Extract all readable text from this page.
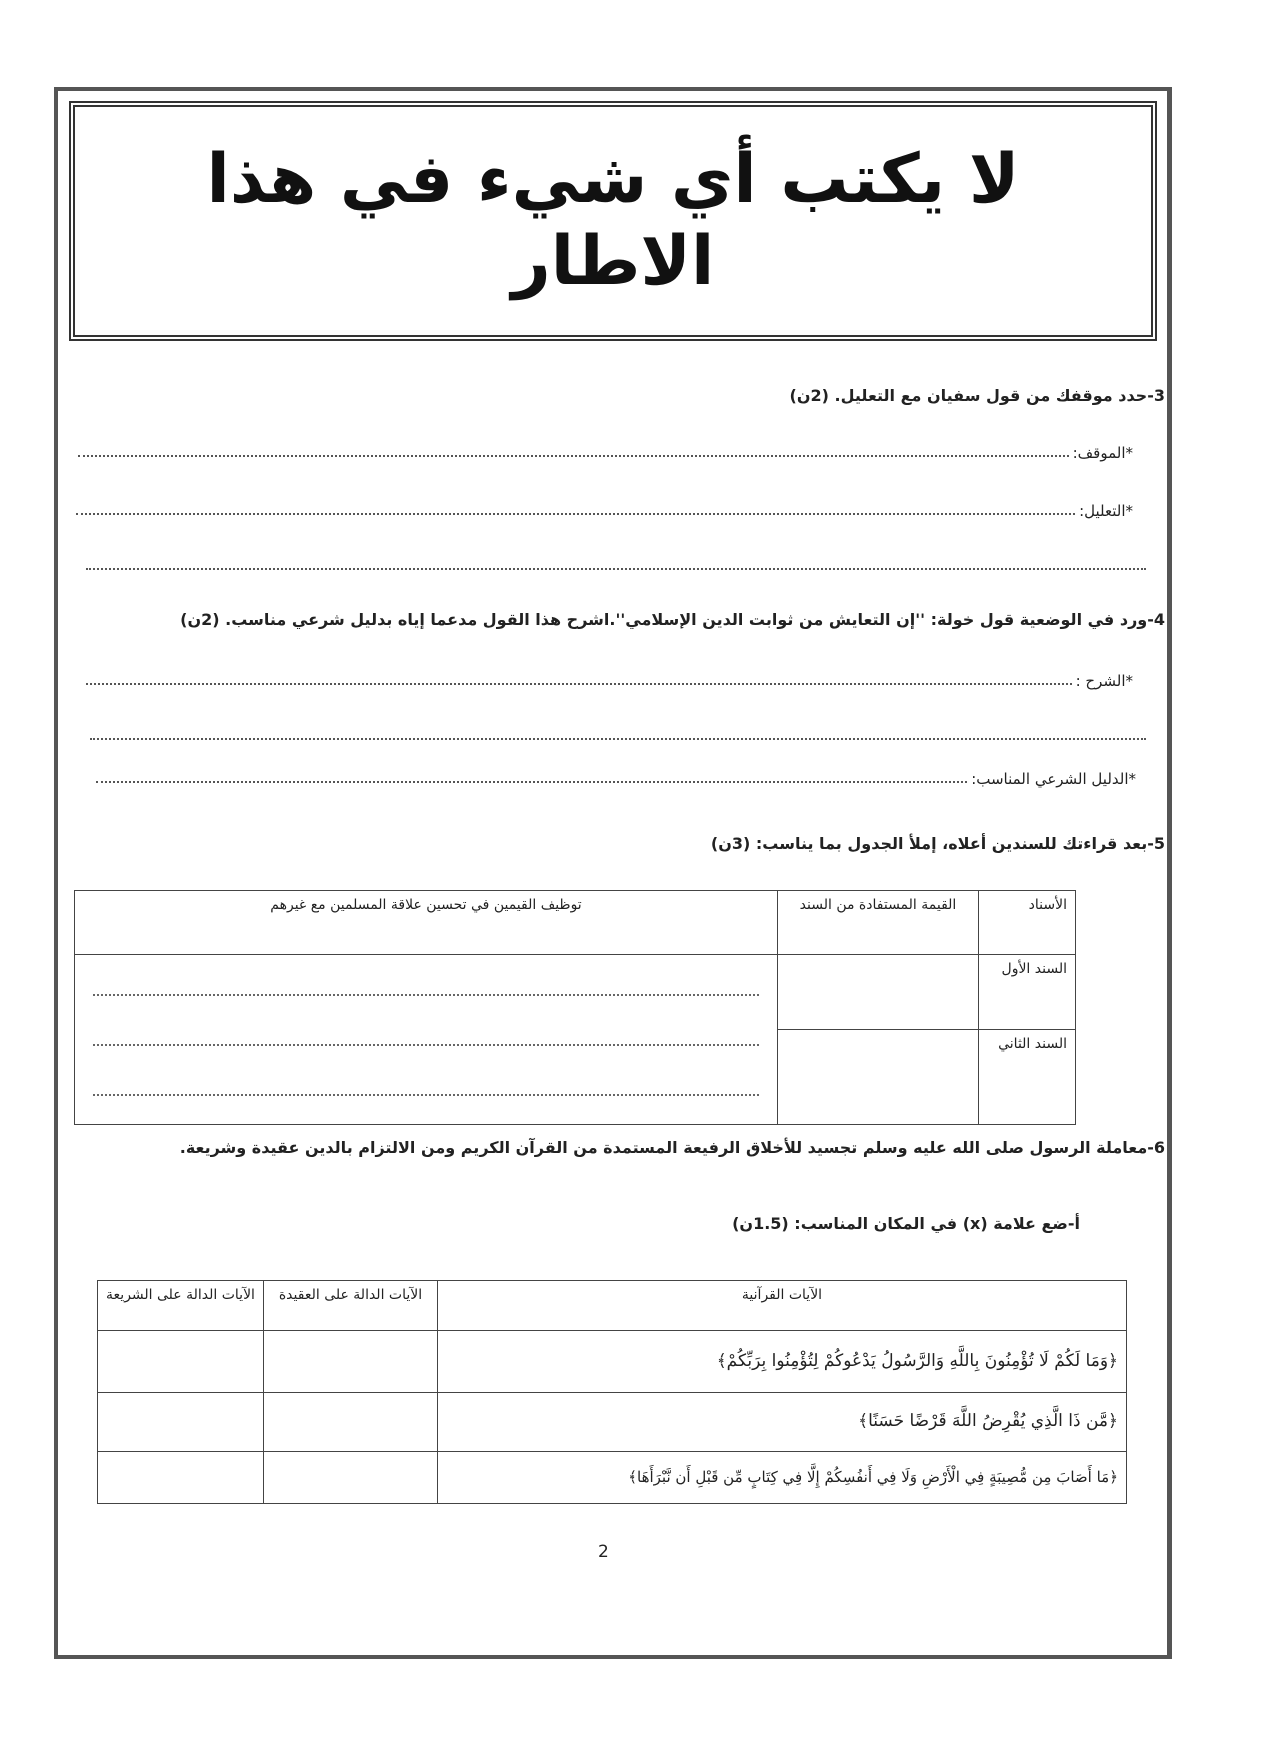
لا يكتب أي شيء في هذا الاطار
3-حدد موقفك من قول سفيان مع التعليل. (2ن)
*الموقف:
*التعليل:
4-ورد في الوضعية قول خولة: ''إن التعايش من ثوابت الدين الإسلامي''.اشرح هذا القول مدعما إياه بدليل شرعي مناسب. (2ن)
*الشرح :
*الدليل الشرعي المناسب:
5-بعد قراءتك للسندين أعلاه، إملأ الجدول بما يناسب: (3ن)
الأسناد	القيمة المستفادة من السند	توظيف القيمين في تحسين علاقة المسلمين مع غيرهم
السند الأول		

السند الثاني		
6-معاملة الرسول صلى الله عليه وسلم تجسيد للأخلاق الرفيعة المستمدة من القرآن الكريم ومن الالتزام بالدين عقيدة وشريعة.
أ-ضع علامة (x) في المكان المناسب: (1.5ن)
الآيات القرآنية	الآيات الدالة على العقيدة	الآيات الدالة على الشريعة
﴿وَمَا لَكُمْ لَا تُؤْمِنُونَ بِاللَّهِ وَالرَّسُولُ يَدْعُوكُمْ لِتُؤْمِنُوا بِرَبِّكُمْ﴾		
﴿مَّن ذَا الَّذِي يُقْرِضُ اللَّهَ قَرْضًا حَسَنًا﴾		
﴿مَا أَصَابَ مِن مُّصِيبَةٍ فِي الْأَرْضِ وَلَا فِي أَنفُسِكُمْ إِلَّا فِي كِتَابٍ مِّن قَبْلِ أَن نَّبْرَأَهَا﴾		
2
